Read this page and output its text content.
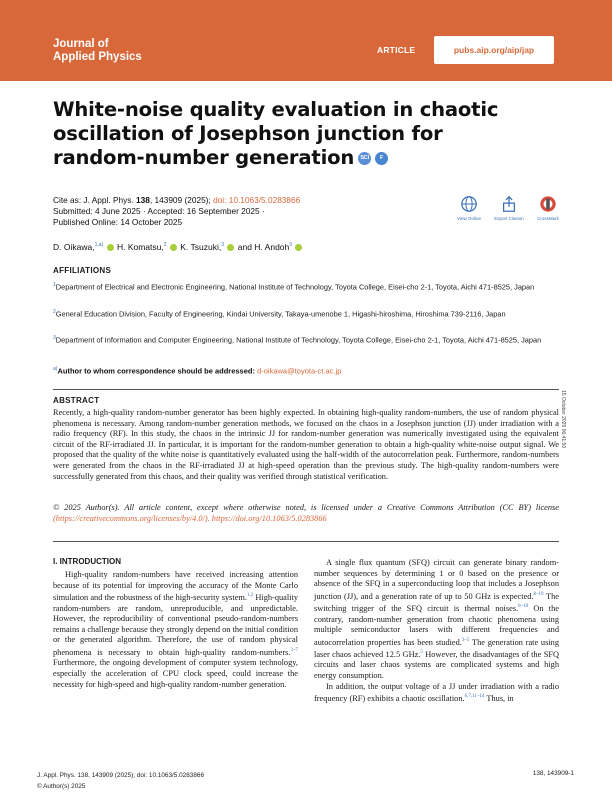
Journal of
Applied Physics
ARTICLE	pubs.aip.org/aip/jap
White-noise quality evaluation in chaotic oscillation of Josephson junction for random-number generation SCI F
Cite as: J. Appl. Phys. 138, 143909 (2025); doi: 10.1063/5.0283866
Submitted: 4 June 2025 · Accepted: 16 September 2025 ·
Published Online: 14 October 2025	View Online	Export Citation	CrossMark
D. Oikawa,$^{1,a)}$ H. Komatsu,$^2$ K. Tsuzuki,$^3$ and H. Andoh$^3$
AFFILIATIONS
$^1$Department of Electrical and Electronic Engineering, National Institute of Technology, Toyota College, Eisei-cho 2-1, Toyota, Aichi 471-8525, Japan
$^2$General Education Division, Faculty of Engineering, Kindai University, Takaya-umenobe 1, Higashi-hiroshima, Hiroshima 739-2116, Japan
$^3$Department of Information and Computer Engineering, National Institute of Technology, Toyota College, Eisei-cho 2-1, Toyota, Aichi 471-8525, Japan
$^{a)}$Author to whom correspondence should be addressed: d-oikawa@toyota-ct.ac.jp
ABSTRACT

Recently, a high-quality random-number generator has been highly expected. In obtaining high-quality random-numbers, the use of random physical phenomena is necessary. Among random-number generation methods, we focused on the chaos in a Josephson junction (JJ) under irradiation with a radio frequency (RF). In this study, the chaos in the intrinsic JJ for random-number generation was numerically investigated using the equivalent circuit of the RF-irradiated JJ. In particular, it is important for the random-number generation to obtain a high-quality white-noise output signal. We proposed that the quality of the white noise is quantitatively evaluated using the half-width of the autocorrelation peak. Furthermore, random-numbers were generated from the chaos in the RF-irradiated JJ at high-speed operation than the previous study. The high-quality random-numbers were successfully generated from this chaos, and their quality was verified through statistical verification.

© 2025 Author(s). All article content, except where otherwise noted, is licensed under a Creative Commons Attribution (CC BY) license (https://creativecommons.org/licenses/by/4.0/). https://doi.org/10.1063/5.0283866

15 October 2025 06:41:50
I. INTRODUCTION

High-quality random-numbers have received increasing attention because of its potential for improving the accuracy of the Monte Carlo simulation and the robustness of the high-security system.$^{1,2}$ High-quality random-numbers are random, unreproducible, and unpredictable. However, the reproducibility of conventional pseudo-random-numbers remains a challenge because they strongly depend on the initial condition or the generated algorithm. Therefore, the use of random physical phenomena is necessary to obtain high-quality random-numbers.$^{3-7}$ Furthermore, the ongoing development of computer system technology, especially the acceleration of CPU clock speed, could increase the necessity for high-speed and high-quality random-number generation.

A single flux quantum (SFQ) circuit can generate binary random-number sequences by determining 1 or 0 based on the presence or absence of the SFQ in a superconducting loop that includes a Josephson junction (JJ), and a generation rate of up to 50 GHz is expected.$^{8-10}$ The switching trigger of the SFQ circuit is thermal noises.$^{8-10}$ On the contrary, random-number generation from chaotic phenomena using multiple semiconductor lasers with different frequencies and autocorrelation properties has been studied.$^{3-5}$ The generation rate using laser chaos achieved 12.5 GHz.$^5$ However, the disadvantages of the SFQ circuits and laser chaos systems are complicated systems and high energy consumption.

In addition, the output voltage of a JJ under irradiation with a radio frequency (RF) exhibits a chaotic oscillation.$^{6,7,11-14}$ Thus, in

J. Appl. Phys. 138, 143909 (2025); doi: 10.1063/5.0283866
© Author(s) 2025
138, 143909-1
